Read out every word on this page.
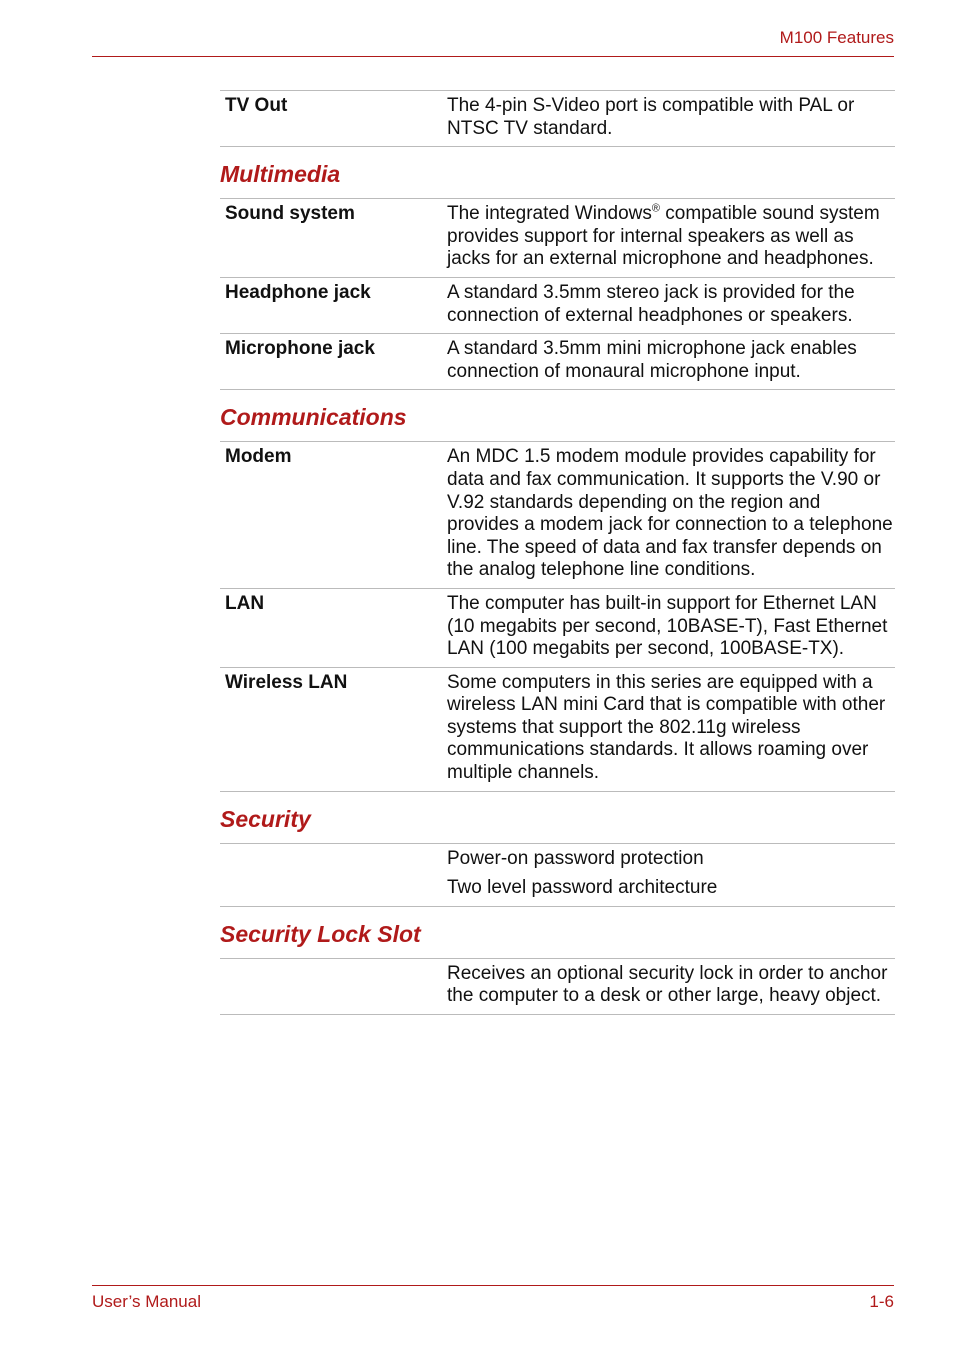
M100 Features
TV Out	The 4-pin S-Video port is compatible with PAL or NTSC TV standard.
Multimedia
Sound system	The integrated Windows® compatible sound system provides support for internal speakers as well as jacks for an external microphone and headphones.
Headphone jack	A standard 3.5mm stereo jack is provided for the connection of external headphones or speakers.
Microphone jack	A standard 3.5mm mini microphone jack enables connection of monaural microphone input.
Communications
Modem	An MDC 1.5 modem module provides capability for data and fax communication. It supports the V.90 or V.92 standards depending on the region and provides a modem jack for connection to a telephone line. The speed of data and fax transfer depends on the analog telephone line conditions.
LAN	The computer has built-in support for Ethernet LAN (10 megabits per second, 10BASE-T), Fast Ethernet LAN (100 megabits per second, 100BASE-TX).
Wireless LAN	Some computers in this series are equipped with a wireless LAN mini Card that is compatible with other systems that support the 802.11g wireless communications standards. It allows roaming over multiple channels.
Security

Power-on password protection

Two level password architecture

Security Lock Slot
Receives an optional security lock in order to anchor the computer to a desk or other large, heavy object.
User’s Manual	1-6
